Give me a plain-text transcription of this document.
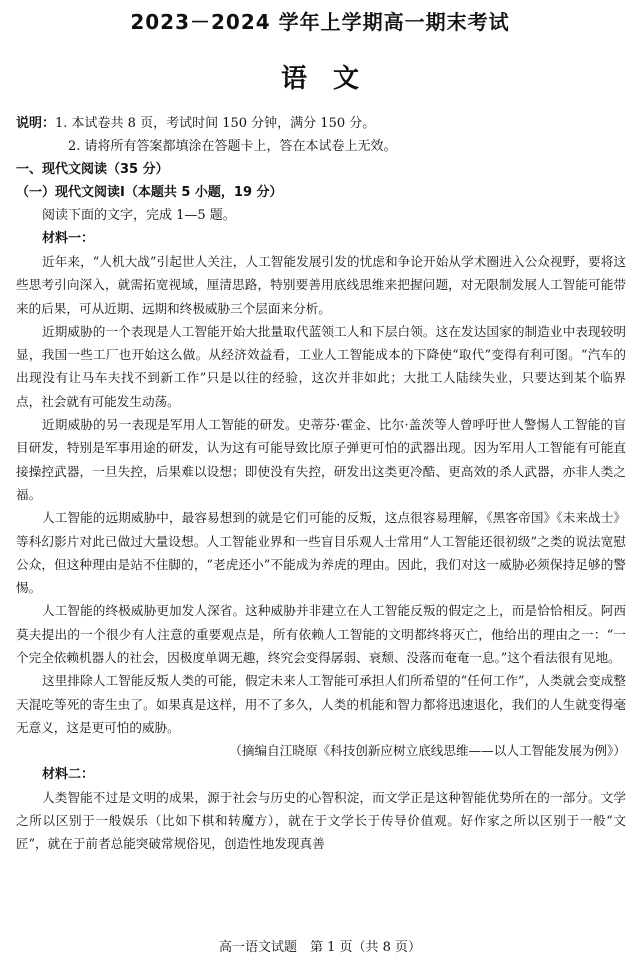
2023－2024 学年上学期高一期末考试
语文
说明：1. 本试卷共 8 页，考试时间 150 分钟，满分 150 分。
2. 请将所有答案都填涂在答题卡上，答在本试卷上无效。
一、现代文阅读（35 分）
（一）现代文阅读Ⅰ（本题共 5 小题，19 分）
阅读下面的文字，完成 1—5 题。
材料一：
近年来，“人机大战”引起世人关注，人工智能发展引发的忧虑和争论开始从学术圈进入公众视野，要将这些思考引向深入，就需拓宽视域，厘清思路，特别要善用底线思维来把握问题，对无限制发展人工智能可能带来的后果，可从近期、远期和终极威胁三个层面来分析。
近期威胁的一个表现是人工智能开始大批量取代蓝领工人和下层白领。这在发达国家的制造业中表现较明显，我国一些工厂也开始这么做。从经济效益看，工业人工智能成本的下降使“取代”变得有利可图。“汽车的出现没有让马车夫找不到新工作”只是以往的经验，这次并非如此；大批工人陆续失业，只要达到某个临界点，社会就有可能发生动荡。
近期威胁的另一表现是军用人工智能的研发。史蒂芬·霍金、比尔·盖茨等人曾呼吁世人警惕人工智能的盲目研发，特别是军事用途的研发，认为这有可能导致比原子弹更可怕的武器出现。因为军用人工智能有可能直接操控武器，一旦失控，后果难以设想；即使没有失控，研发出这类更冷酷、更高效的杀人武器，亦非人类之福。
人工智能的远期威胁中，最容易想到的就是它们可能的反叛，这点很容易理解，《黑客帝国》《未来战士》等科幻影片对此已做过大量设想。人工智能业界和一些盲目乐观人士常用“人工智能还很初级”之类的说法宽慰公众，但这种理由是站不住脚的，“老虎还小”不能成为养虎的理由。因此，我们对这一威胁必须保持足够的警惕。
人工智能的终极威胁更加发人深省。这种威胁并非建立在人工智能反叛的假定之上，而是恰恰相反。阿西莫夫提出的一个很少有人注意的重要观点是，所有依赖人工智能的文明都终将灭亡，他给出的理由之一：“一个完全依赖机器人的社会，因极度单调无趣，终究会变得孱弱、衰颓、没落而奄奄一息。”这个看法很有见地。
这里排除人工智能反叛人类的可能，假定未来人工智能可承担人们所希望的“任何工作”，人类就会变成整天混吃等死的寄生虫了。如果真是这样，用不了多久，人类的机能和智力都将迅速退化，我们的人生就变得毫无意义，这是更可怕的威胁。
（摘编自江晓原《科技创新应树立底线思维——以人工智能发展为例》）
材料二：
人类智能不过是文明的成果，源于社会与历史的心智积淀，而文学正是这种智能优势所在的一部分。文学之所以区别于一般娱乐（比如下棋和转魔方），就在于文学长于传导价值观。好作家之所以区别于一般“文匠”，就在于前者总能突破常规俗见，创造性地发现真善
高一语文试题　第 1 页（共 8 页）
